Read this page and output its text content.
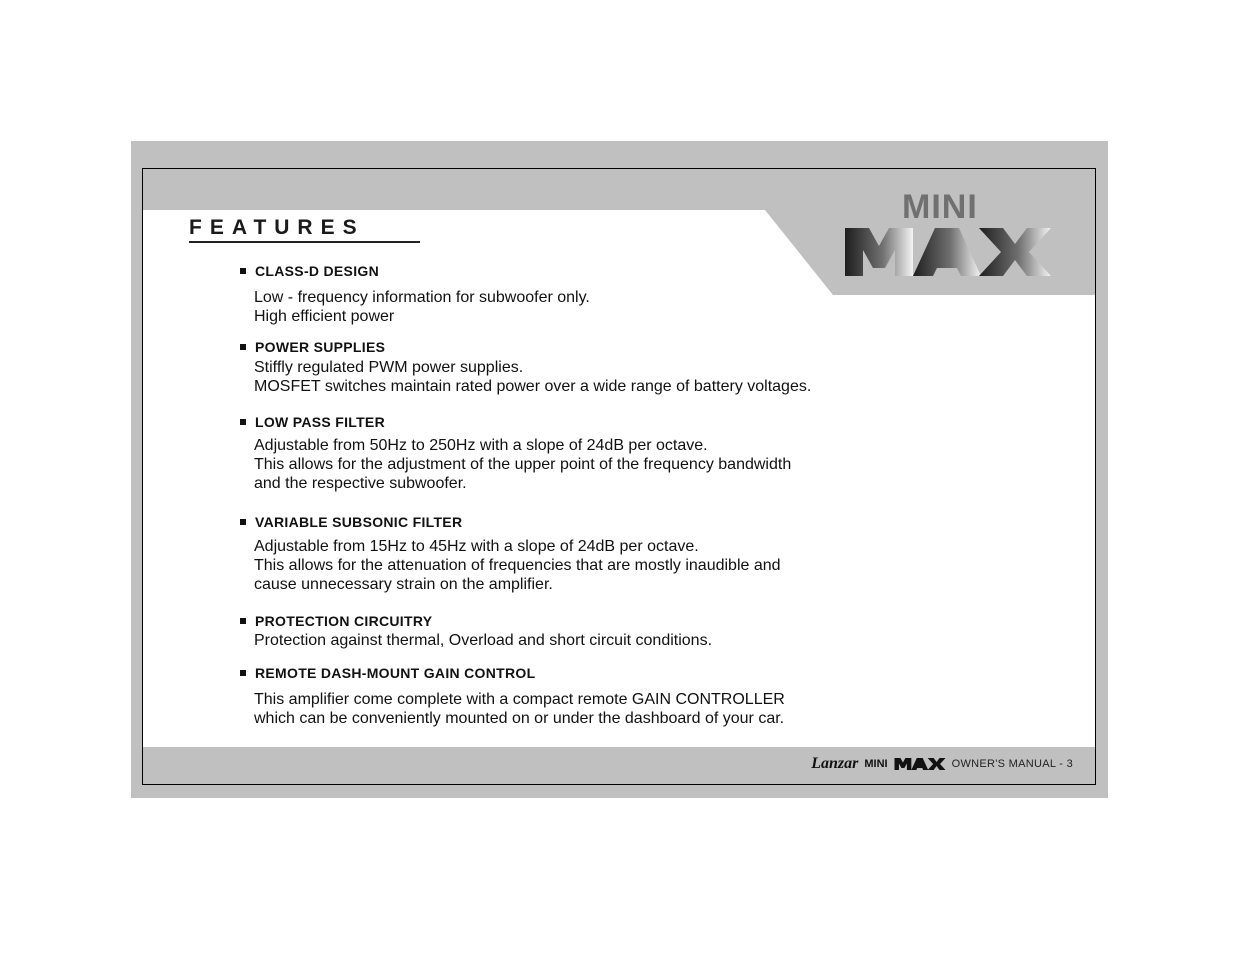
MINI
FEATURES
CLASS-D DESIGN
Low - frequency information for subwoofer only.
High efficient power
POWER SUPPLIES
Stiffly regulated PWM power supplies.
MOSFET switches maintain rated power over a wide range of battery voltages.
LOW PASS FILTER
Adjustable from 50Hz to 250Hz with a slope of 24dB per octave.
This allows for the adjustment of the upper point of the frequency bandwidth
and the respective subwoofer.
VARIABLE SUBSONIC FILTER
Adjustable from 15Hz to 45Hz with a slope of 24dB per octave.
This allows for the attenuation of frequencies that are mostly inaudible and
cause unnecessary strain on the amplifier.
PROTECTION CIRCUITRY
Protection against thermal, Overload and short circuit conditions.
REMOTE DASH-MOUNT GAIN CONTROL
This amplifier come complete with a compact remote GAIN CONTROLLER
which can be conveniently mounted on or under the dashboard of your car.
Lanzar MINI	OWNER'S MANUAL - 3
